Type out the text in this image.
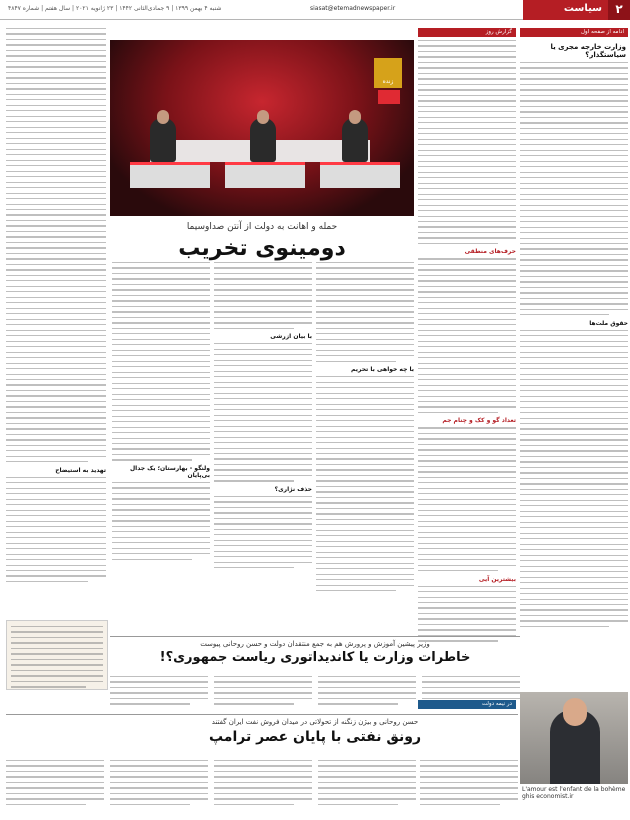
شنبه ۴ بهمن ۱۳۹۹ | ۹ جمادی‌الثانی ۱۴۴۲ | ۲۳ ژانویه ۲۰۲۱ | سال هفتم | شماره ۴۸۴۷	siasat@etemadnewspaper.ir	سیاست	۲
ادامه از صفحه اول
وزارت خارجه مجری یا سیاستگذار؟
حقوق ملت‌ها
L'amour est l'enfant de la bohème ghis economist.ir
گزارش روز
حرف‌های منطقی
تعداد گو و کک و چنام جم
بیشترین آیی
زنده
حمله و اهانت به دولت از آنتن صداوسیما
دومینوی تخریب
با چه خواهی با تحریم
با بیان ازرشی
حذف نژاری؟
ولنگو - بهارستان؛ یک جدال بی‌پایان
تهدید به استیضاح
وزیر پیشین آموزش و پرورش هم به جمع منتقدان دولت و حسن روحانی پیوست
خاطرات وزارت یا کاندیداتوری ریاست جمهوری؟!
در نیمه دولت
حسن روحانی و بیژن زنگنه از تحولاتی در میدان فروش نفت ایران گفتند
رونق نفتی با پایان عصر ترامپ
